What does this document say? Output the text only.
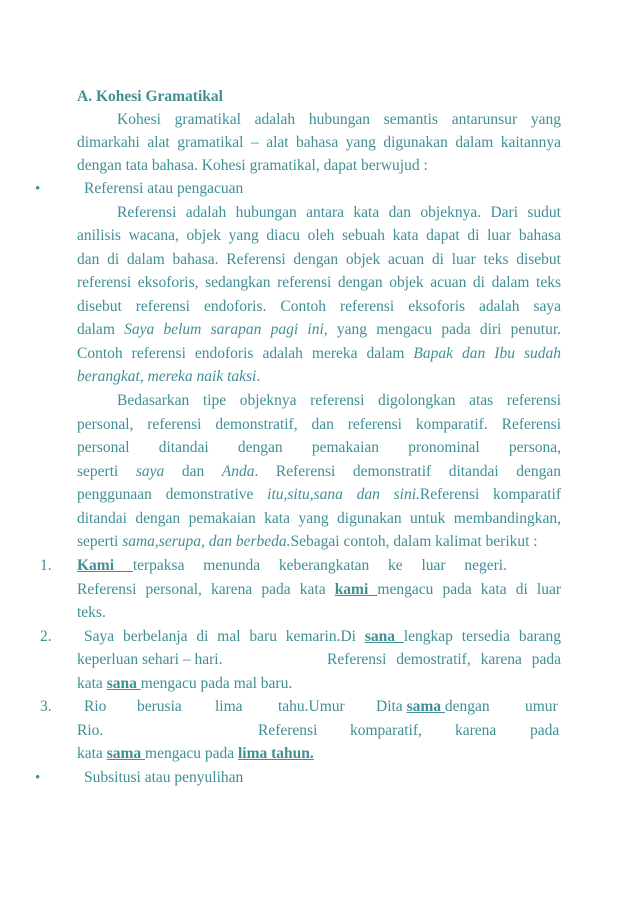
A. Kohesi Gramatikal
Kohesi gramatikal adalah hubungan semantis antarunsur yang
dimarkahi alat gramatikal – alat bahasa yang digunakan dalam kaitannya
dengan tata bahasa. Kohesi gramatikal, dapat berwujud :
•	Referensi atau pengacuan
Referensi adalah hubungan antara kata dan objeknya. Dari sudut
anilisis wacana, objek yang diacu oleh sebuah kata dapat di luar bahasa
dan di dalam bahasa. Referensi dengan objek acuan di luar teks disebut
referensi eksoforis, sedangkan referensi dengan objek acuan di dalam teks
disebut referensi endoforis. Contoh referensi eksoforis adalah saya
dalam Saya belum sarapan pagi ini, yang mengacu pada diri penutur.
Contoh referensi endoforis adalah mereka dalam Bapak dan Ibu sudah
berangkat, mereka naik taksi.
Bedasarkan tipe objeknya referensi digolongkan atas referensi
personal, referensi demonstratif, dan referensi komparatif. Referensi
personal ditandai dengan pemakaian pronominal persona,
seperti saya dan Anda. Referensi demonstratif ditandai dengan
penggunaan demonstrative itu,situ,sana dan sini.Referensi komparatif
ditandai dengan pemakaian kata yang digunakan untuk membandingkan,
seperti sama,serupa, dan berbeda.Sebagai contoh, dalam kalimat berikut :
1. Kami terpaksa menunda keberangkatan ke luar negeri.
Referensi personal, karena pada kata kami mengacu pada kata di luar
teks.
2. Saya berbelanja di mal baru kemarin.Di sana lengkap tersedia barang
keperluan sehari – hari.	Referensi demostratif, karena pada
kata sana mengacu pada mal baru.
3. Rio berusia lima tahu.Umur Dita sama dengan umur
Rio.	Referensi komparatif, karena pada
kata sama mengacu pada lima tahun.
•	Subsitusi atau penyulihan
